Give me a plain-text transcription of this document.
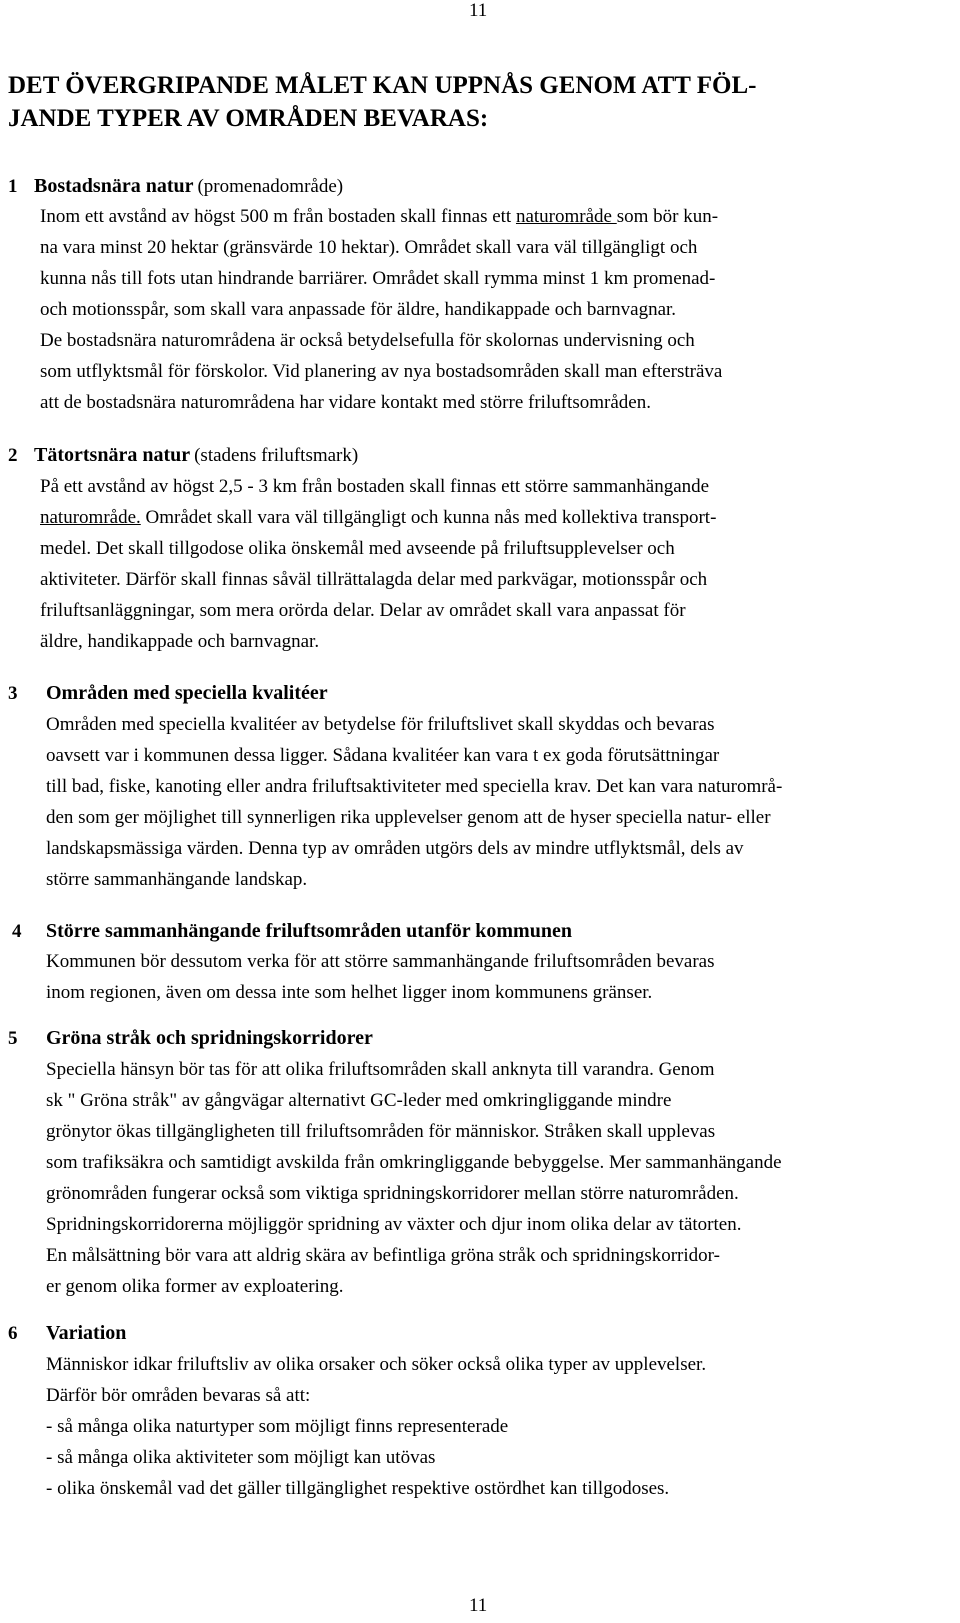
11
DET ÖVERGRIPANDE MÅLET KAN UPPNÅS GENOM ATT FÖL-
JANDE TYPER AV OMRÅDEN BEVARAS:
1 Bostadsnära natur (promenadområde)
Inom ett avstånd av högst 500 m från bostaden skall finnas ett naturområde som bör kun-
na vara minst 20 hektar (gränsvärde 10 hektar). Området skall vara väl tillgängligt och
kunna nås till fots utan hindrande barriärer. Området skall rymma minst 1 km promenad-
och motionsspår, som skall vara anpassade för äldre, handikappade och barnvagnar.
De bostadsnära naturområdena är också betydelsefulla för skolornas undervisning och
som utflyktsmål för förskolor. Vid planering av nya bostadsområden skall man eftersträva
att de bostadsnära naturområdena har vidare kontakt med större friluftsområden.
2 Tätortsnära natur (stadens friluftsmark)
På ett avstånd av högst 2,5 - 3 km från bostaden skall finnas ett större sammanhängande
naturområde. Området skall vara väl tillgängligt och kunna nås med kollektiva transport-
medel. Det skall tillgodose olika önskemål med avseende på friluftsupplevelser och
aktiviteter. Därför skall finnas såväl tillrättalagda delar med parkvägar, motionsspår och
friluftsanläggningar, som mera orörda delar. Delar av området skall vara anpassat för
äldre, handikappade och barnvagnar.
3 Områden med speciella kvalitéer
Områden med speciella kvalitéer av betydelse för friluftslivet skall skyddas och bevaras
oavsett var i kommunen dessa ligger. Sådana kvalitéer kan vara t ex goda förutsättningar
till bad, fiske, kanoting eller andra friluftsaktiviteter med speciella krav. Det kan vara naturområ-
den som ger möjlighet till synnerligen rika upplevelser genom att de hyser speciella natur- eller
landskapsmässiga värden. Denna typ av områden utgörs dels av mindre utflyktsmål, dels av
större sammanhängande landskap.
4 Större sammanhängande friluftsområden utanför kommunen
Kommunen bör dessutom verka för att större sammanhängande friluftsområden bevaras
inom regionen, även om dessa inte som helhet ligger inom kommunens gränser.
5 Gröna stråk och spridningskorridorer
Speciella hänsyn bör tas för att olika friluftsområden skall anknyta till varandra. Genom
sk " Gröna stråk" av gångvägar alternativt GC-leder med omkringliggande mindre
grönytor ökas tillgängligheten till friluftsområden för människor. Stråken skall upplevas
som trafiksäkra och samtidigt avskilda från omkringliggande bebyggelse. Mer sammanhängande
grönområden fungerar också som viktiga spridningskorridorer mellan större naturområden.
Spridningskorridorerna möjliggör spridning av växter och djur inom olika delar av tätorten.
En målsättning bör vara att aldrig skära av befintliga gröna stråk och spridningskorridor-
er genom olika former av exploatering.
6 Variation
Människor idkar friluftsliv av olika orsaker och söker också olika typer av upplevelser.
Därför bör områden bevaras så att:
- så många olika naturtyper som möjligt finns representerade
- så många olika aktiviteter som möjligt kan utövas
- olika önskemål vad det gäller tillgänglighet respektive ostördhet kan tillgodoses.
11
